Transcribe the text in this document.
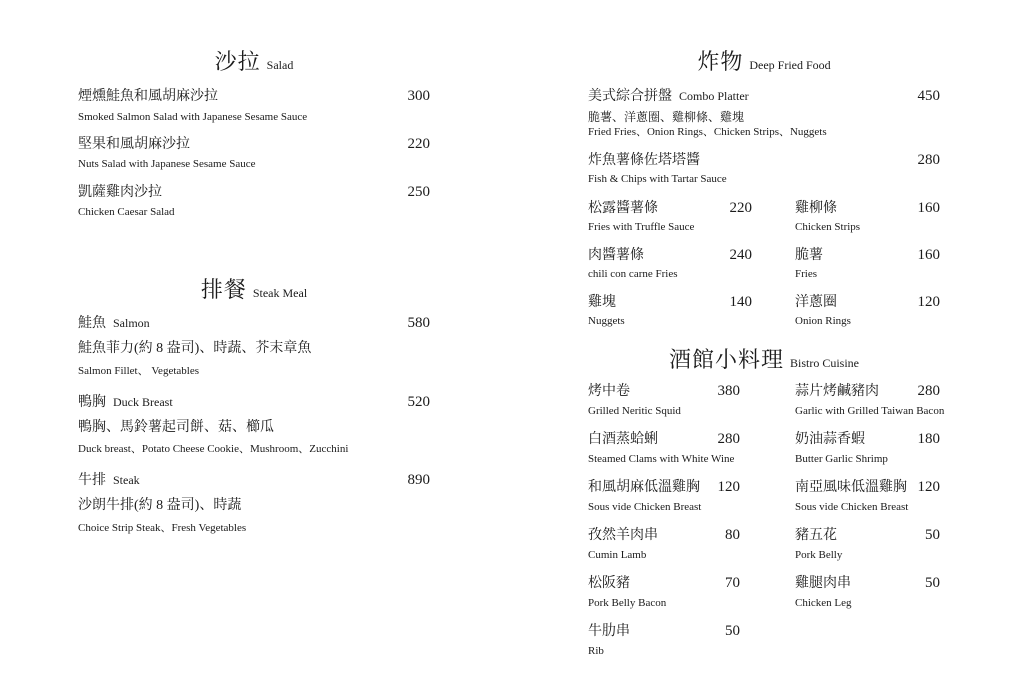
沙拉 Salad
煙燻鮭魚和風胡麻沙拉	300
Smoked Salmon Salad with Japanese Sesame Sauce
堅果和風胡麻沙拉	220
Nuts Salad with Japanese Sesame Sauce
凱薩雞肉沙拉	250
Chicken Caesar Salad
排餐 Steak Meal
鮭魚 Salmon	580
鮭魚菲力(約 8 盎司)、時蔬、芥末章魚
Salmon Fillet、 Vegetables
鴨胸 Duck Breast	520
鴨胸、馬鈴薯起司餅、菇、櫛瓜
Duck breast、Potato Cheese Cookie、Mushroom、Zucchini
牛排 Steak	890
沙朗牛排(約 8 盎司)、時蔬
Choice Strip Steak、Fresh Vegetables
炸物 Deep Fried Food
美式綜合拼盤 Combo Platter	450
脆薯、洋蔥圈、雞柳條、雞塊
Fried Fries、Onion Rings、Chicken Strips、Nuggets
炸魚薯條佐塔塔醬	280
Fish & Chips with Tartar Sauce
松露醬薯條	220
Fries with Truffle Sauce
肉醬薯條	240
chili con carne Fries
雞塊	140
Nuggets
雞柳條	160
Chicken Strips
脆薯	160
Fries
洋蔥圈	120
Onion Rings
酒館小料理 Bistro Cuisine
烤中卷	380
Grilled Neritic Squid
白酒蒸蛤蜊	280
Steamed Clams with White Wine
和風胡麻低溫雞胸 120
Sous vide Chicken Breast
孜然羊肉串	80
Cumin Lamb
松阪豬	70
Pork Belly Bacon
牛肋串	50
Rib
蒜片烤鹹豬肉	280
Garlic with Grilled Taiwan Bacon
奶油蒜香蝦	180
Butter Garlic Shrimp
南亞風味低溫雞胸 120
Sous vide Chicken Breast
豬五花	50
Pork Belly
雞腿肉串	50
Chicken Leg
